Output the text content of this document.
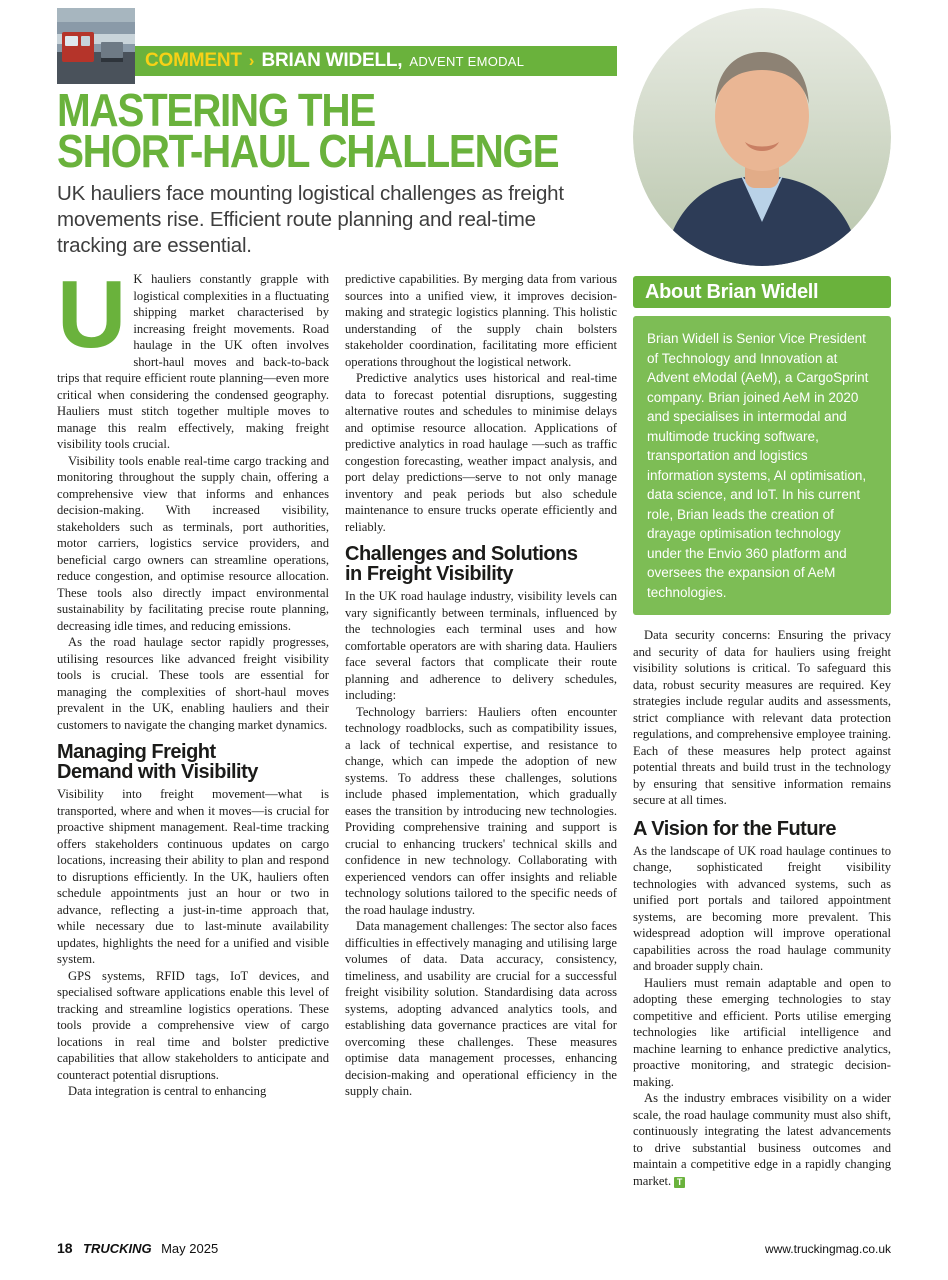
COMMENT › BRIAN WIDELL, ADVENT EMODAL
MASTERING THE
SHORT-HAUL CHALLENGE

UK hauliers face mounting logistical challenges as freight movements rise. Efficient route planning and real-time tracking are essential.

U K hauliers constantly grapple with logistical complexities in a fluctuating shipping market characterised by increasing freight movements. Road haulage in the UK often involves short-haul moves and back-to-back trips that require efficient route planning—even more critical when considering the condensed geography. Hauliers must stitch together multiple moves to manage this realm effectively, making freight visibility tools crucial.

Visibility tools enable real-time cargo tracking and monitoring throughout the supply chain, offering a comprehensive view that informs and enhances decision-making. With increased visibility, stakeholders such as terminals, port authorities, motor carriers, logistics service providers, and beneficial cargo owners can streamline operations, reduce congestion, and optimise resource allocation. These tools also directly impact environmental sustainability by facilitating precise route planning, decreasing idle times, and reducing emissions.

As the road haulage sector rapidly progresses, utilising resources like advanced freight visibility tools is crucial. These tools are essential for managing the complexities of short-haul moves prevalent in the UK, enabling hauliers and their customers to navigate the changing market dynamics.

Managing Freight
Demand with Visibility

Visibility into freight movement—what is transported, where and when it moves—is crucial for proactive shipment management. Real-time tracking offers stakeholders continuous updates on cargo locations, increasing their ability to plan and respond to disruptions efficiently. In the UK, hauliers often schedule appointments just an hour or two in advance, reflecting a just-in-time approach that, while necessary due to last-minute availability updates, highlights the need for a unified and visible system.

GPS systems, RFID tags, IoT devices, and specialised software applications enable this level of tracking and streamline logistics operations. These tools provide a comprehensive view of cargo locations in real time and bolster predictive capabilities that allow stakeholders to anticipate and counteract potential disruptions.

Data integration is central to enhancing

predictive capabilities. By merging data from various sources into a unified view, it improves decision-making and strategic logistics planning. This holistic understanding of the supply chain bolsters stakeholder coordination, facilitating more efficient operations throughout the logistical network.

Predictive analytics uses historical and real-time data to forecast potential disruptions, suggesting alternative routes and schedules to minimise delays and optimise resource allocation. Applications of predictive analytics in road haulage —such as traffic congestion forecasting, weather impact analysis, and port delay predictions—serve to not only manage inventory and peak periods but also schedule maintenance to ensure trucks operate efficiently and reliably.

Challenges and Solutions
in Freight Visibility

In the UK road haulage industry, visibility levels can vary significantly between terminals, influenced by the technologies each terminal uses and how comfortable operators are with sharing data. Hauliers face several factors that complicate their route planning and adherence to delivery schedules, including:

Technology barriers: Hauliers often encounter technology roadblocks, such as compatibility issues, a lack of technical expertise, and resistance to change, which can impede the adoption of new systems. To address these challenges, solutions include phased implementation, which gradually eases the transition by introducing new technologies. Providing comprehensive training and support is crucial to enhancing truckers' technical skills and confidence in new technology. Collaborating with experienced vendors can offer insights and reliable technology solutions tailored to the specific needs of the road haulage industry.

Data management challenges: The sector also faces difficulties in effectively managing and utilising large volumes of data. Data accuracy, consistency, timeliness, and usability are crucial for a successful freight visibility solution. Standardising data across systems, adopting advanced analytics tools, and establishing data governance practices are vital for overcoming these challenges. These measures optimise data management processes, enhancing decision-making and operational efficiency in the supply chain.

About Brian Widell
Brian Widell is Senior Vice President of Technology and Innovation at Advent eModal (AeM), a CargoSprint company. Brian joined AeM in 2020 and specialises in intermodal and multimode trucking software, transportation and logistics information systems, AI optimisation, data science, and IoT. In his current role, Brian leads the creation of drayage optimisation technology under the Envio 360 platform and oversees the expansion of AeM technologies.

Data security concerns: Ensuring the privacy and security of data for hauliers using freight visibility solutions is critical. To safeguard this data, robust security measures are required. Key strategies include regular audits and assessments, strict compliance with relevant data protection regulations, and comprehensive employee training. Each of these measures help protect against potential threats and build trust in the technology by ensuring that sensitive information remains secure at all times.

A Vision for the Future

As the landscape of UK road haulage continues to change, sophisticated freight visibility technologies with advanced systems, such as unified port portals and tailored appointment systems, are becoming more prevalent. This widespread adoption will improve operational capabilities across the road haulage community and broader supply chain.

Hauliers must remain adaptable and open to adopting these emerging technologies to stay competitive and efficient. Ports utilise emerging technologies like artificial intelligence and machine learning to enhance predictive analytics, proactive monitoring, and strategic decision-making.

As the industry embraces visibility on a wider scale, the road haulage community must also shift, continuously integrating the latest advancements to drive substantial business outcomes and maintain a competitive edge in a rapidly changing market. T

18 TRUCKING May 2025	www.truckingmag.co.uk
